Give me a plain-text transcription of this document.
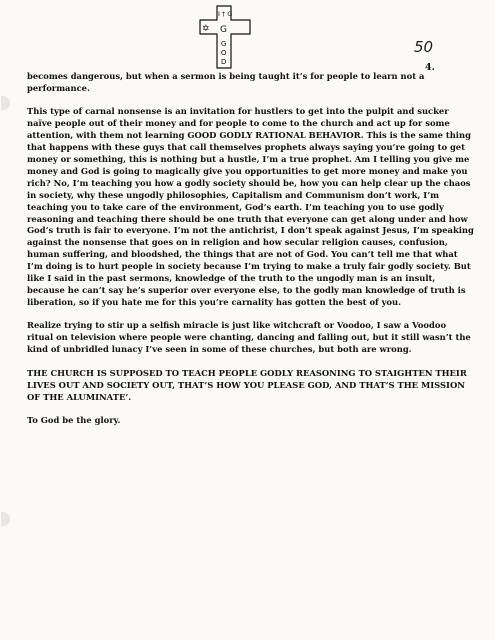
✡
I † G
G
G
O
D
50
4.

becomes dangerous, but when a sermon is being taught it’s for people to learn not a performance.

This type of carnal nonsense is an invitation for hustlers to get into the pulpit and sucker naïve people out of their money and for people to come to the church and act up for some attention, with them not learning GOOD GODLY RATIONAL BEHAVIOR. This is the same thing that happens with these guys that call themselves prophets always saying you’re going to get money or something, this is nothing but a hustle, I’m a true prophet. Am I telling you give me money and God is going to magically give you opportunities to get more money and make you rich? No, I’m teaching you how a godly society should be, how you can help clear up the chaos in society, why these ungodly philosophies, Capitalism and Communism don’t work, I’m teaching you to take care of the environment, God’s earth. I’m teaching you to use godly reasoning and teaching there should be one truth that everyone can get along under and how God’s truth is fair to everyone. I’m not the antichrist, I don’t speak against Jesus, I’m speaking against the nonsense that goes on in religion and how secular religion causes, confusion, human suffering, and bloodshed, the things that are not of God. You can’t tell me that what I’m doing is to hurt people in society because I’m trying to make a truly fair godly society. But like I said in the past sermons, knowledge of the truth to the ungodly man is an insult, because he can’t say he’s superior over everyone else, to the godly man knowledge of truth is liberation, so if you hate me for this you’re carnality has gotten the best of you.

Realize trying to stir up a selfish miracle is just like witchcraft or Voodoo, I saw a Voodoo ritual on television where people were chanting, dancing and falling out, but it still wasn’t the kind of unbridled lunacy I’ve seen in some of these churches, but both are wrong.

THE CHURCH IS SUPPOSED TO TEACH PEOPLE GODLY REASONING TO STAIGHTEN THEIR LIVES OUT AND SOCIETY OUT, THAT’S HOW YOU PLEASE GOD, AND THAT’S THE MISSION OF THE ALUMINATE’.

To God be the glory.
